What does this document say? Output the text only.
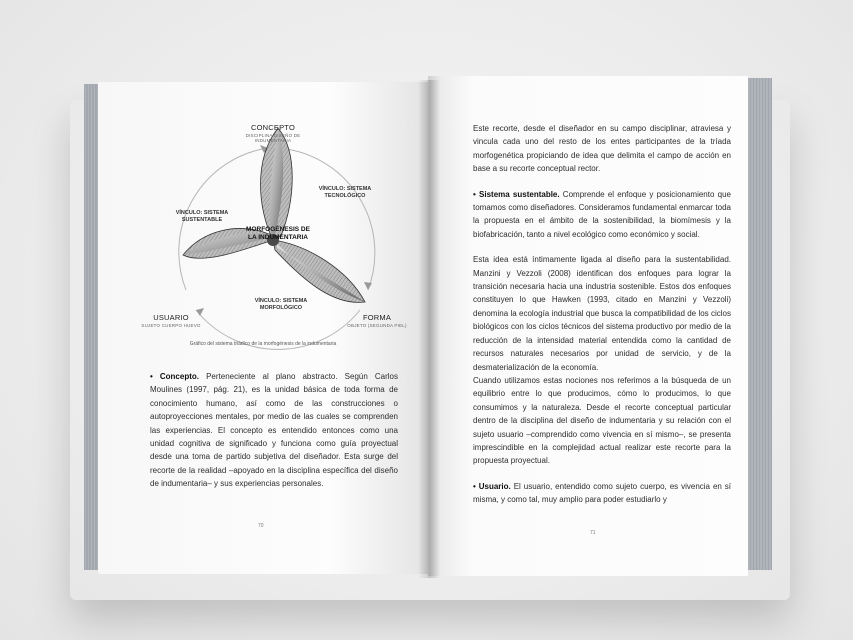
CONCEPTO
DISCIPLINA DISEÑO DE INDUMENTARIA
USUARIO
SUJETO CUERPO HUEVO
FORMA
OBJETO (SEGUNDA PIEL)
VÍNCULO: SISTEMA TECNOLÓGICO
VÍNCULO: SISTEMA SUSTENTABLE
VÍNCULO: SISTEMA MORFOLÓGICO
MORFOGÉNESIS DE LA INDUMENTARIA
Gráfico del sistema triádico de la morfogénesis de la indumentaria

• Concepto. Perteneciente al plano abstracto. Según Carlos Moulines (1997, pág. 21), es la unidad básica de toda forma de conocimiento humano, así como de las construcciones o autoproyecciones mentales, por medio de las cuales se comprenden las experiencias. El concepto es entendido entonces como una unidad cognitiva de significado y funciona como guía proyectual desde una toma de partido subjetiva del diseñador. Esta surge del recorte de la realidad –apoyado en la disciplina específica del diseño de indumentaria– y sus experiencias personales.

70

Este recorte, desde el diseñador en su campo disciplinar, atraviesa y vincula cada uno del resto de los entes participantes de la tríada morfogenética propiciando de idea que delimita el campo de acción en base a su recorte conceptual rector.

• Sistema sustentable. Comprende el enfoque y posicionamiento que tomamos como diseñadores. Consideramos fundamental enmarcar toda la propuesta en el ámbito de la sostenibilidad, la biomímesis y la biofabricación, tanto a nivel ecológico como económico y social.

Esta idea está íntimamente ligada al diseño para la sustentabilidad. Manzini y Vezzoli (2008) identifican dos enfoques para lograr la transición necesaria hacia una industria sostenible. Estos dos enfoques constituyen lo que Hawken (1993, citado en Manzini y Vezzoli) denomina la ecología industrial que busca la compatibilidad de los ciclos biológicos con los ciclos técnicos del sistema productivo por medio de la reducción de la intensidad material entendida como la cantidad de recursos naturales necesarios por unidad de servicio, y de la desmaterialización de la economía.

Cuando utilizamos estas nociones nos referimos a la búsqueda de un equilibrio entre lo que producimos, cómo lo producimos, lo que consumimos y la naturaleza. Desde el recorte conceptual particular dentro de la disciplina del diseño de indumentaria y su relación con el sujeto usuario –comprendido como vivencia en sí mismo–, se presenta imprescindible en la complejidad actual realizar este recorte para la propuesta proyectual.

• Usuario. El usuario, entendido como sujeto cuerpo, es vivencia en sí misma, y como tal, muy amplio para poder estudiarlo y

71
